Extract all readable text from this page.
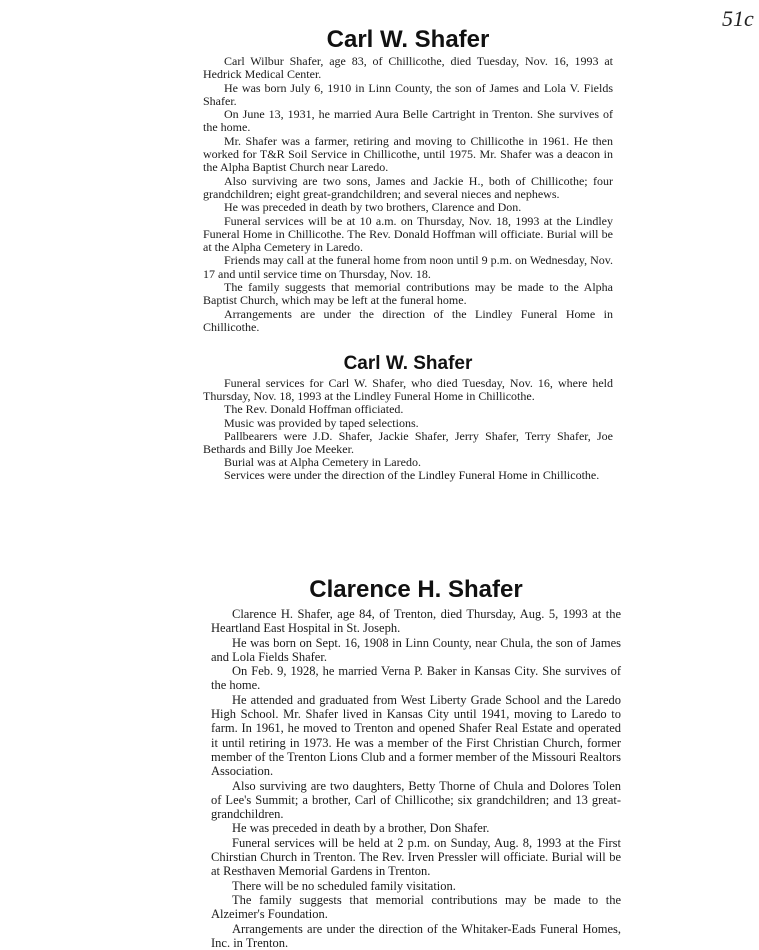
51c
Carl W. Shafer

Carl Wilbur Shafer, age 83, of Chillicothe, died Tuesday, Nov. 16, 1993 at Hedrick Medical Center.

He was born July 6, 1910 in Linn County, the son of James and Lola V. Fields Shafer.

On June 13, 1931, he married Aura Belle Cartright in Trenton. She survives of the home.

Mr. Shafer was a farmer, retiring and moving to Chillicothe in 1961. He then worked for T&R Soil Service in Chillicothe, until 1975. Mr. Shafer was a deacon in the Alpha Baptist Church near Laredo.

Also surviving are two sons, James and Jackie H., both of Chillicothe; four grandchildren; eight great-grandchildren; and several nieces and nephews.

He was preceded in death by two brothers, Clarence and Don.

Funeral services will be at 10 a.m. on Thursday, Nov. 18, 1993 at the Lindley Funeral Home in Chillicothe. The Rev. Donald Hoffman will officiate. Burial will be at the Alpha Cemetery in Laredo.

Friends may call at the funeral home from noon until 9 p.m. on Wednesday, Nov. 17 and until service time on Thursday, Nov. 18.

The family suggests that memorial contributions may be made to the Alpha Baptist Church, which may be left at the funeral home.

Arrangements are under the direction of the Lindley Funeral Home in Chillicothe.

Carl W. Shafer

Funeral services for Carl W. Shafer, who died Tuesday, Nov. 16, where held Thursday, Nov. 18, 1993 at the Lindley Funeral Home in Chillicothe.

The Rev. Donald Hoffman officiated.

Music was provided by taped selections.

Pallbearers were J.D. Shafer, Jackie Shafer, Jerry Shafer, Terry Shafer, Joe Bethards and Billy Joe Meeker.

Burial was at Alpha Cemetery in Laredo.

Services were under the direction of the Lindley Funeral Home in Chillicothe.

Clarence H. Shafer

Clarence H. Shafer, age 84, of Trenton, died Thursday, Aug. 5, 1993 at the Heartland East Hospital in St. Joseph.

He was born on Sept. 16, 1908 in Linn County, near Chula, the son of James and Lola Fields Shafer.

On Feb. 9, 1928, he married Verna P. Baker in Kansas City. She survives of the home.

He attended and graduated from West Liberty Grade School and the Laredo High School. Mr. Shafer lived in Kansas City until 1941, moving to Laredo to farm. In 1961, he moved to Trenton and opened Shafer Real Estate and operated it until retiring in 1973. He was a member of the First Christian Church, former member of the Trenton Lions Club and a former member of the Missouri Realtors Association.

Also surviving are two daughters, Betty Thorne of Chula and Dolores Tolen of Lee's Summit; a brother, Carl of Chillicothe; six grandchildren; and 13 great-grandchildren.

He was preceded in death by a brother, Don Shafer.

Funeral services will be held at 2 p.m. on Sunday, Aug. 8, 1993 at the First Chirstian Church in Trenton. The Rev. Irven Pressler will officiate. Burial will be at Resthaven Memorial Gardens in Trenton.

There will be no scheduled family visitation.

The family suggests that memorial contributions may be made to the Alzeimer's Foundation.

Arrangements are under the direction of the Whitaker-Eads Funeral Homes, Inc. in Trenton.
